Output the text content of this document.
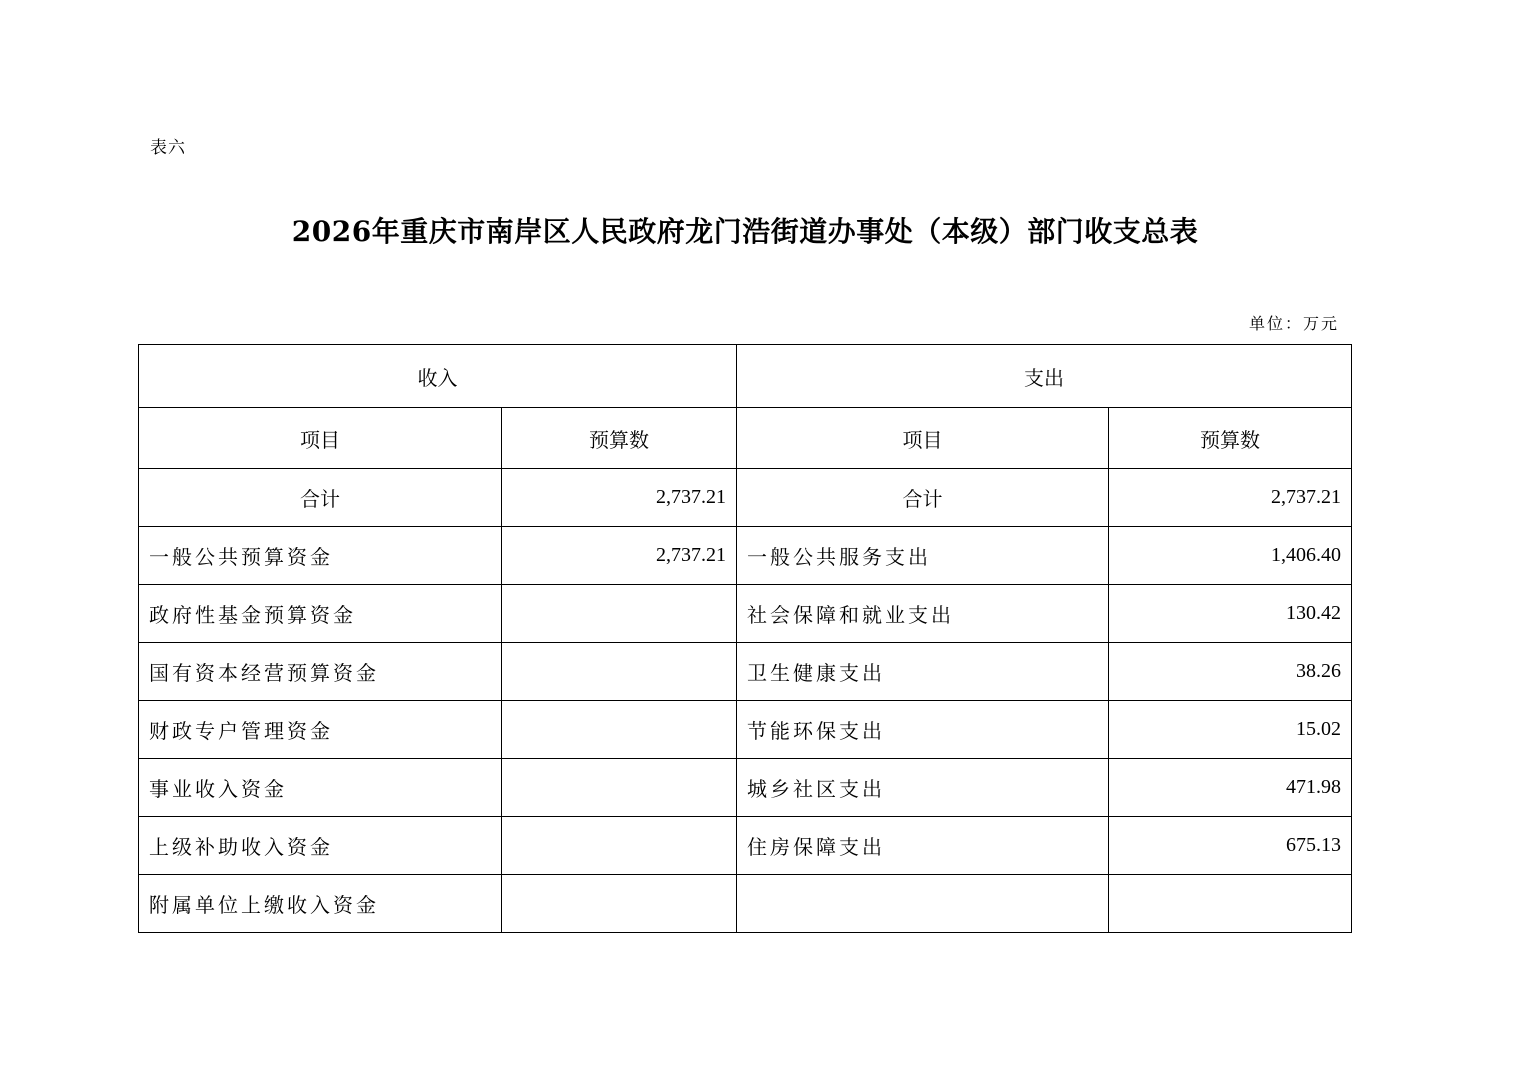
表六
2026年重庆市南岸区人民政府龙门浩街道办事处（本级）部门收支总表
单位：万元
收入		支出	
项目	预算数	项目	预算数
合计	2,737.21	合计	2,737.21
一般公共预算资金	2,737.21	一般公共服务支出	1,406.40
政府性基金预算资金		社会保障和就业支出	130.42
国有资本经营预算资金		卫生健康支出	38.26
财政专户管理资金		节能环保支出	15.02
事业收入资金		城乡社区支出	471.98
上级补助收入资金		住房保障支出	675.13
附属单位上缴收入资金			
